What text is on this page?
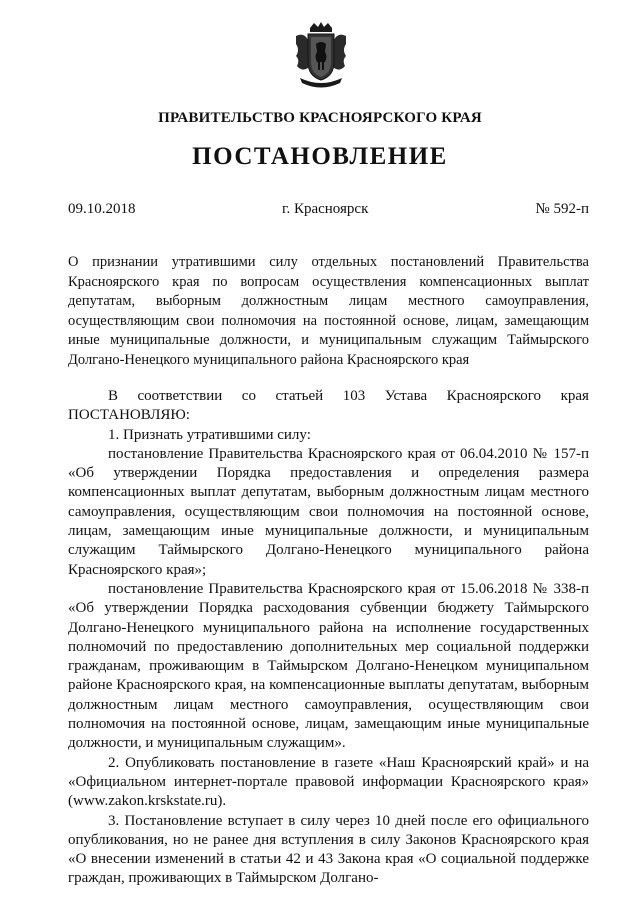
ПРАВИТЕЛЬСТВО КРАСНОЯРСКОГО КРАЯ
ПОСТАНОВЛЕНИЕ
09.10.2018	г. Красноярск	№ 592-п
О признании утратившими силу отдельных постановлений Правительства Красноярского края по вопросам осуществления компенсационных выплат депутатам, выборным должностным лицам местного самоуправления, осуществляющим свои полномочия на постоянной основе, лицам, замещающим иные муниципальные должности, и муниципальным служащим Таймырского Долгано-Ненецкого муниципального района Красноярского края
В соответствии со статьей 103 Устава Красноярского края

ПОСТАНОВЛЯЮ:

1. Признать утратившими силу:

постановление Правительства Красноярского края от 06.04.2010 № 157-п «Об утверждении Порядка предоставления и определения размера компенсационных выплат депутатам, выборным должностным лицам местного самоуправления, осуществляющим свои полномочия на постоянной основе, лицам, замещающим иные муниципальные должности, и муниципальным служащим Таймырского Долгано-Ненецкого муниципального района Красноярского края»;

постановление Правительства Красноярского края от 15.06.2018 № 338-п «Об утверждении Порядка расходования субвенции бюджету Таймырского Долгано-Ненецкого муниципального района на исполнение государственных полномочий по предоставлению дополнительных мер социальной поддержки гражданам, проживающим в Таймырском Долгано-Ненецком муниципальном районе Красноярского края, на компенсационные выплаты депутатам, выборным должностным лицам местного самоуправления, осуществляющим свои полномочия на постоянной основе, лицам, замещающим иные муниципальные должности, и муниципальным служащим».

2. Опубликовать постановление в газете «Наш Красноярский край» и на «Официальном интернет-портале правовой информации Красноярского края» (www.zakon.krskstate.ru).

3. Постановление вступает в силу через 10 дней после его официального опубликования, но не ранее дня вступления в силу Законов Красноярского края «О внесении изменений в статьи 42 и 43 Закона края «О социальной поддержке граждан, проживающих в Таймырском Долгано-
